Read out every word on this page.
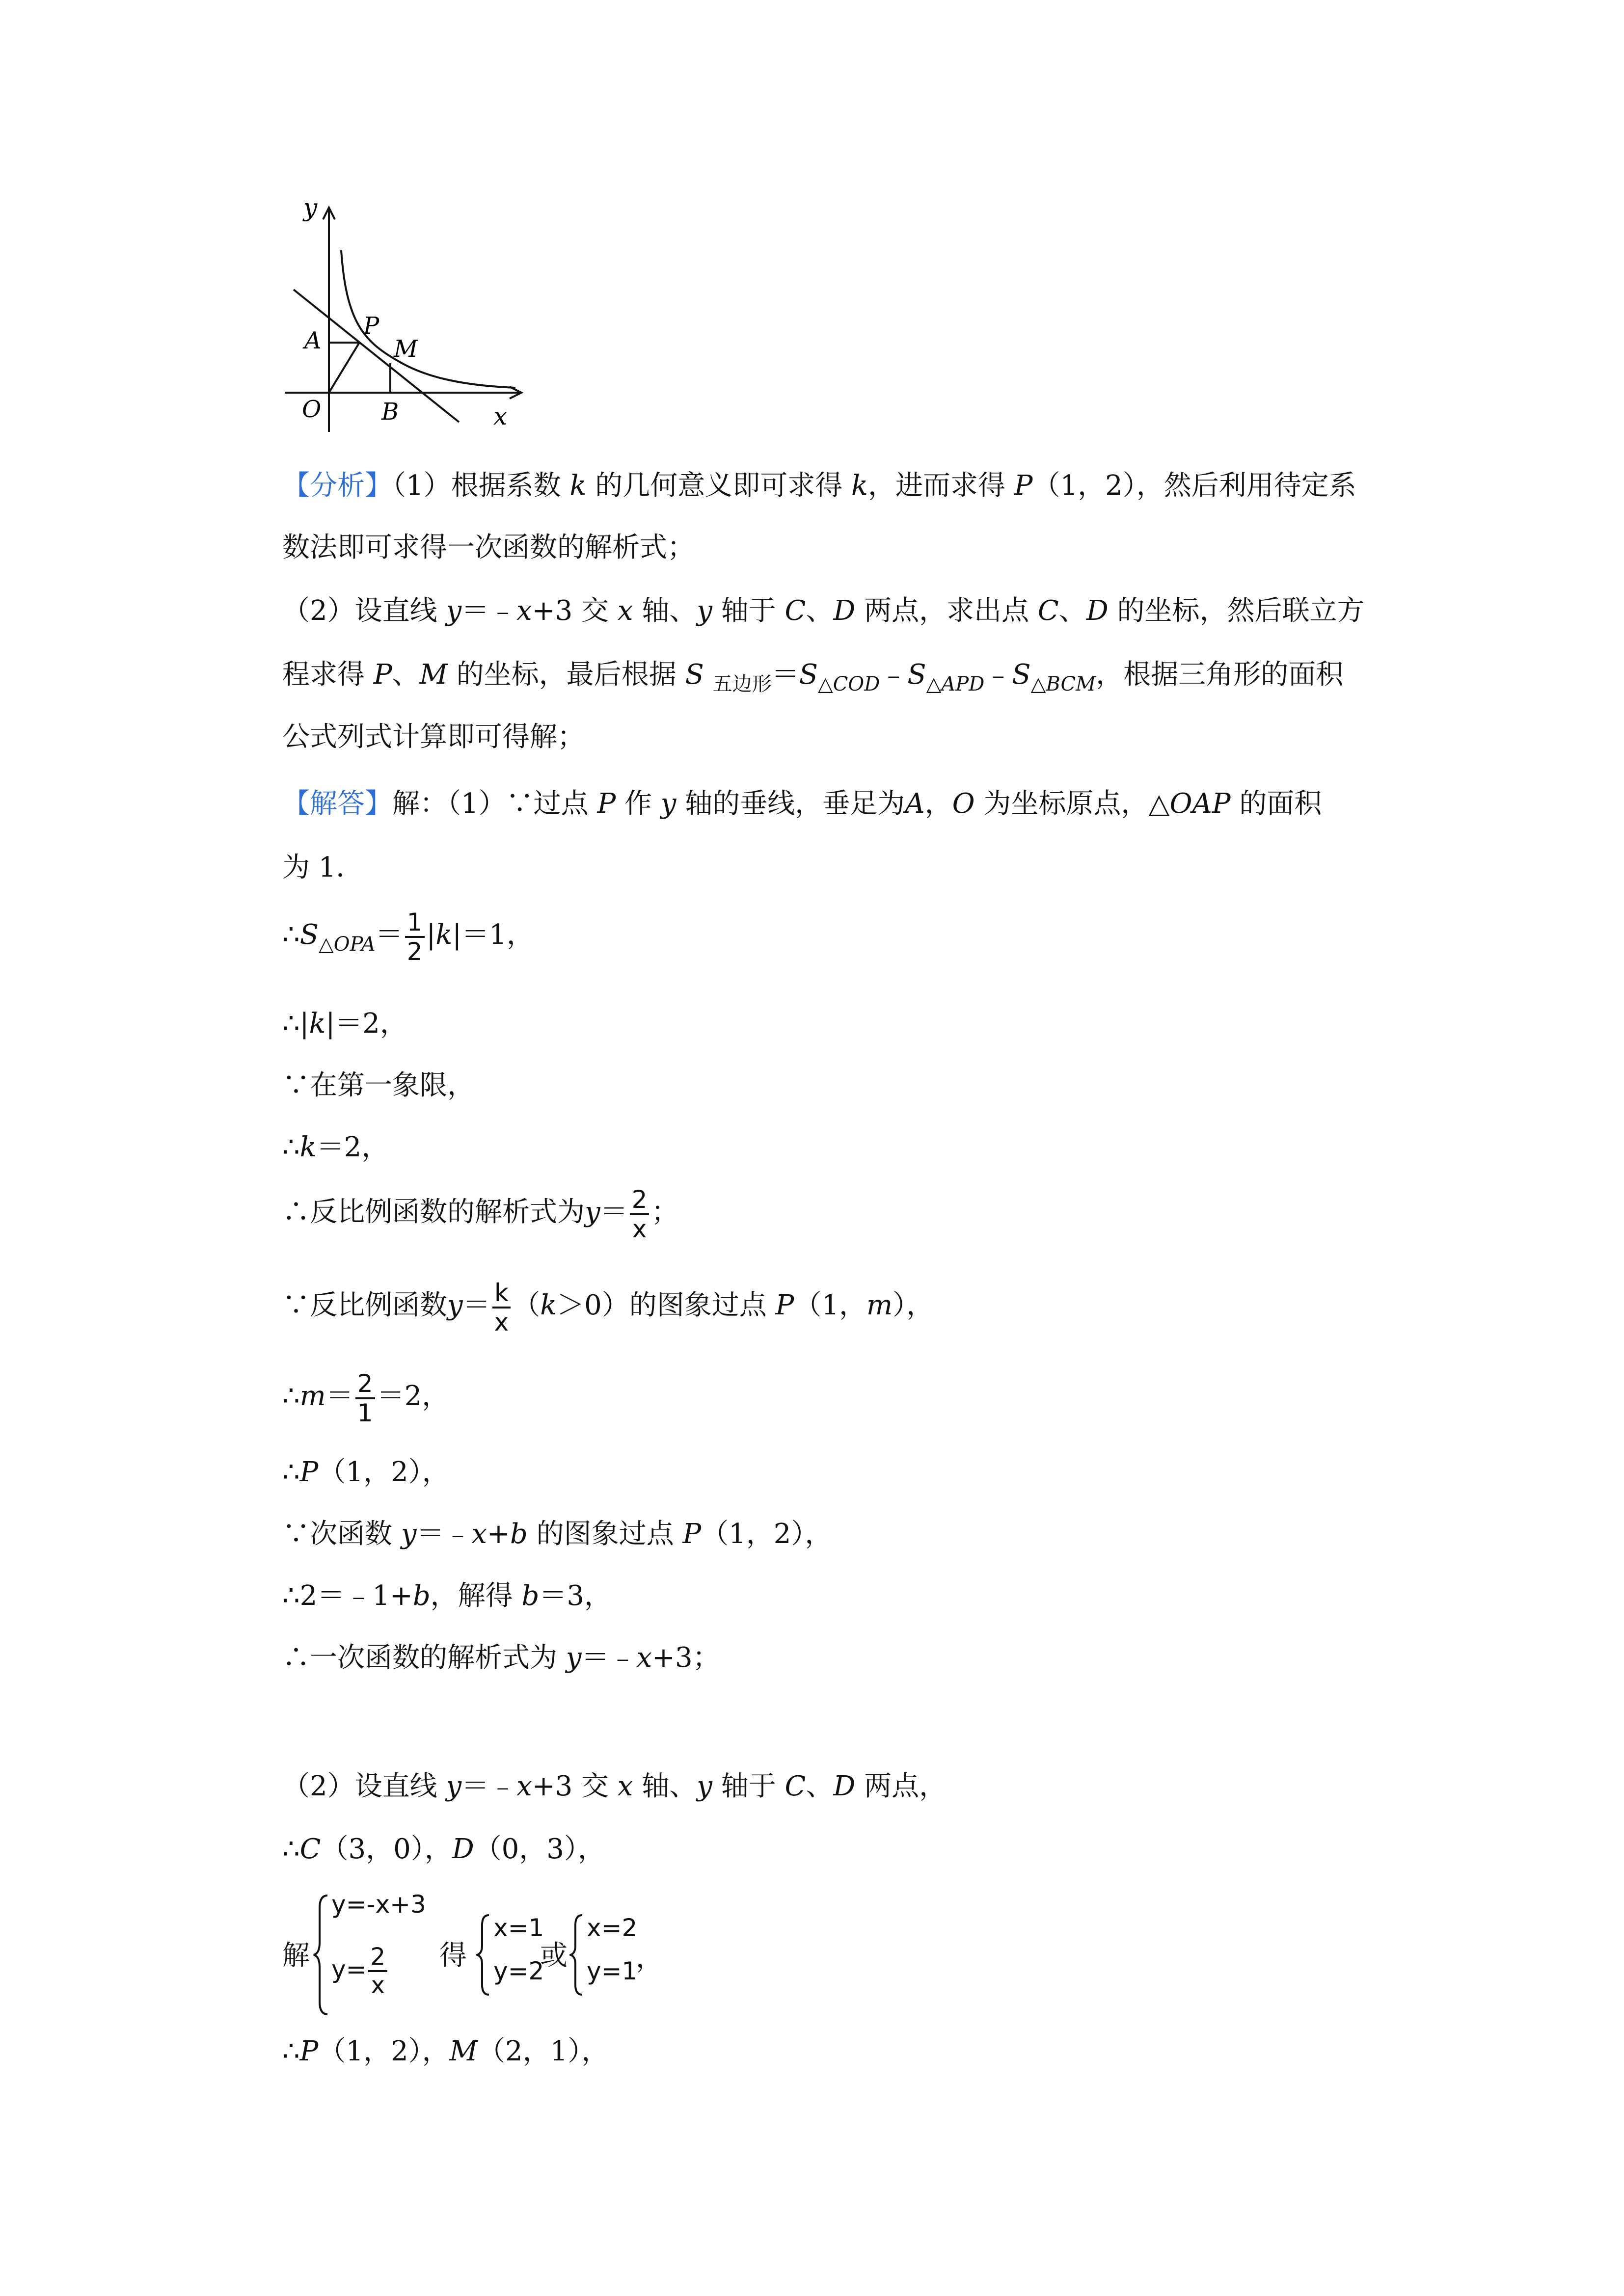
y
A
P
M
O	B	x
【分析】（1）根据系数 k 的几何意义即可求得 k，进而求得 P（1，2），然后利用待定系
数法即可求得一次函数的解析式；
（2）设直线 y＝﹣x+3 交 x 轴、y 轴于 C、D 两点，求出点 C、D 的坐标，然后联立方
程求得 P、M 的坐标，最后根据 S $_{五边形}=S_{\triangle COD}﹣S_{\triangle APD}﹣S_{\triangle BCM}$，根据三角形的面积
公式列式计算即可得解；
【解答】解：（1）∵过点 P 作 y 轴的垂线，垂足为A，O 为坐标原点，△OAP 的面积
为 1．
$\therefore S_{\triangle OPA}= \frac{1}{2} |k|=1$，
∴|k|＝2，
∵在第一象限，
∴k＝2，
∴反比例函数的解析式为$y= \frac{2}{x}$ ；
∵反比例函数$y= \frac{k}{x} (k>0)$的图象过点 P（1，m），
∴m＝ $\frac{2}{1} =2$，
∴P（1，2），
∵次函数 y＝﹣x+b 的图象过点 P（1，2），
∴2＝﹣1+b，解得 b＝3，
∴一次函数的解析式为 y＝﹣x+3；
（2）设直线 y＝﹣x+3 交 x 轴、y 轴于 C、D 两点，
∴C（3，0），D（0，3），
解
y=-x+3
$y= \frac{2}{x}$ 得
x=1
y=2
或
x=2
y=1
，
∴P（1，2），M（2，1），
